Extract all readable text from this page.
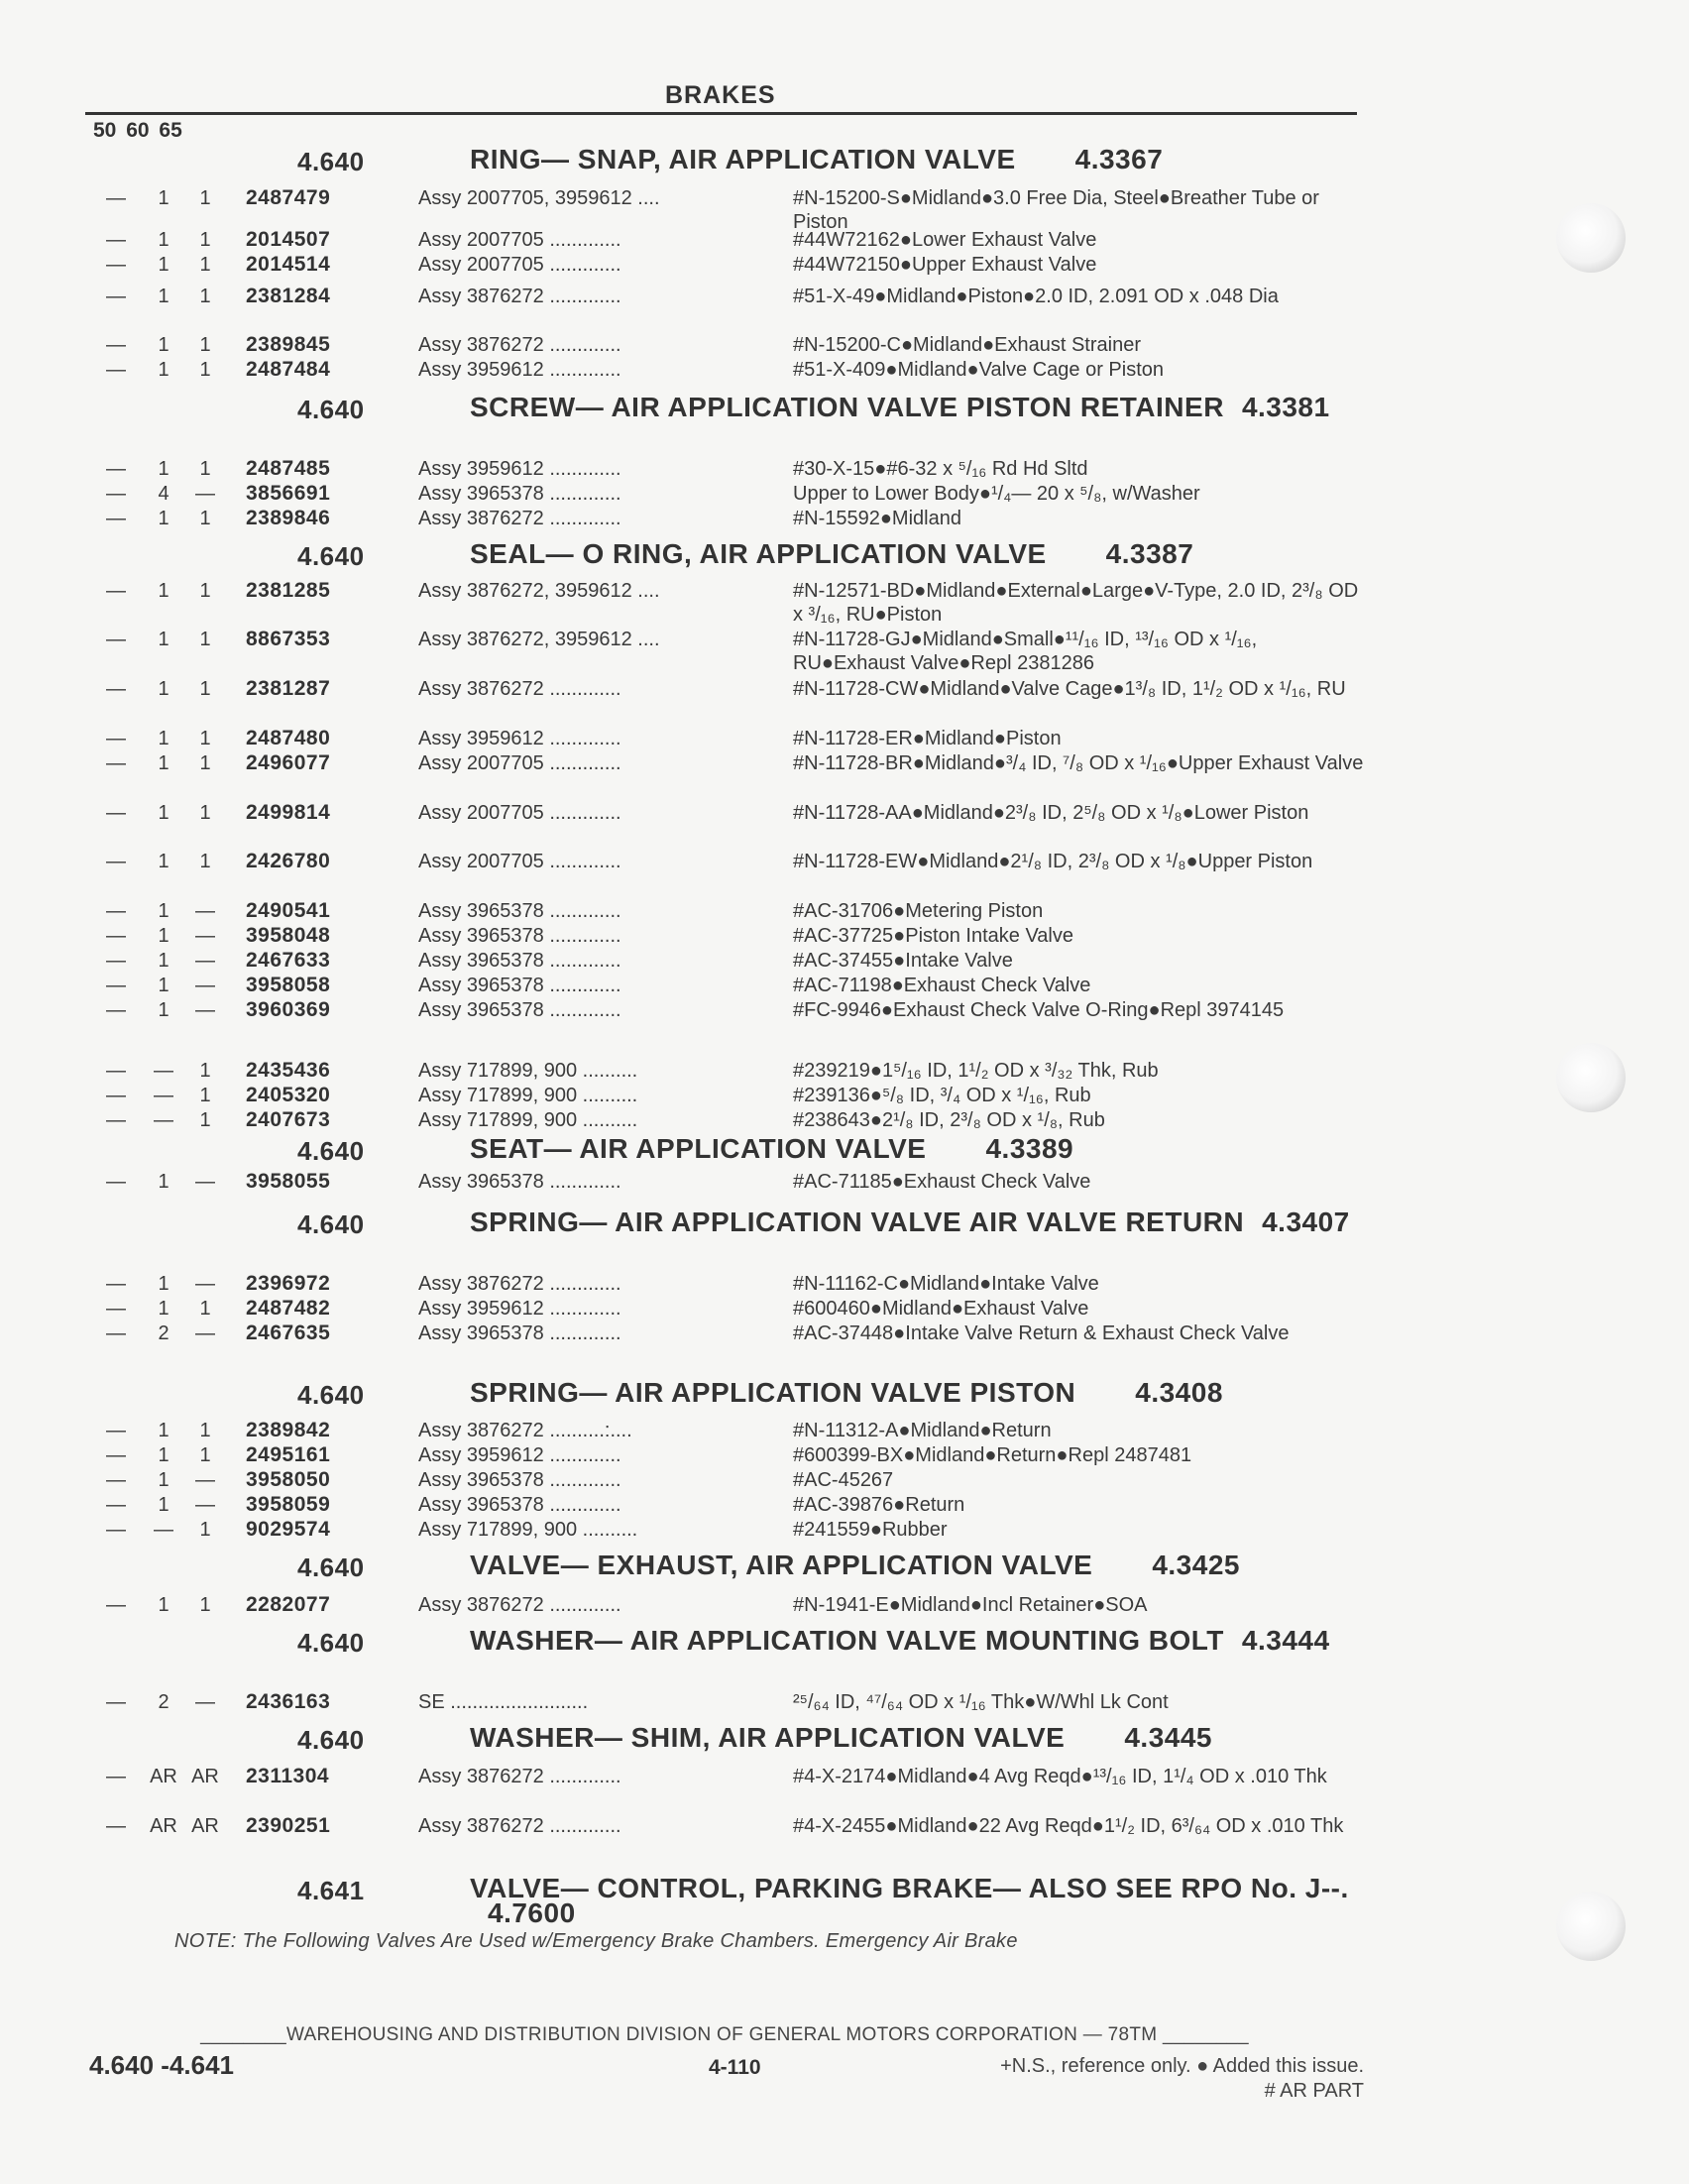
BRAKES
50 60 65
4.640	RING— SNAP, AIR APPLICATION VALVE 4.3367
—	1	1	2487479	Assy 2007705, 3959612 ....	#N-15200-S●Midland●3.0 Free Dia, Steel●Breather Tube or Piston
—	1	1	2014507	Assy 2007705 .............	#44W72162●Lower Exhaust Valve
—	1	1	2014514	Assy 2007705 .............	#44W72150●Upper Exhaust Valve
—	1	1	2381284	Assy 3876272 .............	#51-X-49●Midland●Piston●2.0 ID, 2.091 OD x .048 Dia
—	1	1	2389845	Assy 3876272 .............	#N-15200-C●Midland●Exhaust Strainer
—	1	1	2487484	Assy 3959612 .............	#51-X-409●Midland●Valve Cage or Piston
4.640	SCREW— AIR APPLICATION VALVE PISTON RETAINER 4.3381
—	1	1	2487485	Assy 3959612 .............	#30-X-15●#6-32 x ⁵/₁₆ Rd Hd Sltd
—	4	—	3856691	Assy 3965378 .............	Upper to Lower Body●¹/₄— 20 x ⁵/₈, w/Washer
—	1	1	2389846	Assy 3876272 .............	#N-15592●Midland
4.640	SEAL— O RING, AIR APPLICATION VALVE 4.3387
—	1	1	2381285	Assy 3876272, 3959612 ....	#N-12571-BD●Midland●External●Large●V-Type, 2.0 ID, 2³/₈ OD x ³/₁₆, RU●Piston
—	1	1	8867353	Assy 3876272, 3959612 ....	#N-11728-GJ●Midland●Small●¹¹/₁₆ ID, ¹³/₁₆ OD x ¹/₁₆, RU●Exhaust Valve●Repl 2381286
—	1	1	2381287	Assy 3876272 .............	#N-11728-CW●Midland●Valve Cage●1³/₈ ID, 1¹/₂ OD x ¹/₁₆, RU
—	1	1	2487480	Assy 3959612 .............	#N-11728-ER●Midland●Piston
—	1	1	2496077	Assy 2007705 .............	#N-11728-BR●Midland●³/₄ ID, ⁷/₈ OD x ¹/₁₆●Upper Exhaust Valve
—	1	1	2499814	Assy 2007705 .............	#N-11728-AA●Midland●2³/₈ ID, 2⁵/₈ OD x ¹/₈●Lower Piston
—	1	1	2426780	Assy 2007705 .............	#N-11728-EW●Midland●2¹/₈ ID, 2³/₈ OD x ¹/₈●Upper Piston
—	1	—	2490541	Assy 3965378 .............	#AC-31706●Metering Piston
—	1	—	3958048	Assy 3965378 .............	#AC-37725●Piston Intake Valve
—	1	—	2467633	Assy 3965378 .............	#AC-37455●Intake Valve
—	1	—	3958058	Assy 3965378 .............	#AC-71198●Exhaust Check Valve
—	1	—	3960369	Assy 3965378 .............	#FC-9946●Exhaust Check Valve O-Ring●Repl 3974145
—	—	1	2435436	Assy 717899, 900 ..........	#239219●1⁵/₁₆ ID, 1¹/₂ OD x ³/₃₂ Thk, Rub
—	—	1	2405320	Assy 717899, 900 ..........	#239136●⁵/₈ ID, ³/₄ OD x ¹/₁₆, Rub
—	—	1	2407673	Assy 717899, 900 ..........	#238643●2¹/₈ ID, 2³/₈ OD x ¹/₈, Rub
4.640	SEAT— AIR APPLICATION VALVE 4.3389
—	1	—	3958055	Assy 3965378 .............	#AC-71185●Exhaust Check Valve
4.640	SPRING— AIR APPLICATION VALVE AIR VALVE RETURN 4.3407
—	1	—	2396972	Assy 3876272 .............	#N-11162-C●Midland●Intake Valve
—	1	1	2487482	Assy 3959612 .............	#600460●Midland●Exhaust Valve
—	2	—	2467635	Assy 3965378 .............	#AC-37448●Intake Valve Return & Exhaust Check Valve
4.640	SPRING— AIR APPLICATION VALVE PISTON 4.3408
—	1	1	2389842	Assy 3876272 ..........:....	#N-11312-A●Midland●Return
—	1	1	2495161	Assy 3959612 .............	#600399-BX●Midland●Return●Repl 2487481
—	1	—	3958050	Assy 3965378 .............	#AC-45267
—	1	—	3958059	Assy 3965378 .............	#AC-39876●Return
—	—	1	9029574	Assy 717899, 900 ..........	#241559●Rubber
4.640	VALVE— EXHAUST, AIR APPLICATION VALVE 4.3425
—	1	1	2282077	Assy 3876272 .............	#N-1941-E●Midland●Incl Retainer●SOA
4.640	WASHER— AIR APPLICATION VALVE MOUNTING BOLT 4.3444
—	2	—	2436163	SE .........................	²⁵/₆₄ ID, ⁴⁷/₆₄ OD x ¹/₁₆ Thk●W/Whl Lk Cont
4.640	WASHER— SHIM, AIR APPLICATION VALVE 4.3445
—	AR AR 2311304	Assy 3876272 .............	#4-X-2174●Midland●4 Avg Reqd●¹³/₁₆ ID, 1¹/₄ OD x .010 Thk
—	AR AR 2390251	Assy 3876272 .............	#4-X-2455●Midland●22 Avg Reqd●1¹/₂ ID, 6³/₆₄ OD x .010 Thk
4.641	VALVE— CONTROL, PARKING BRAKE— ALSO SEE RPO No. J--.4.7600
NOTE: The Following Valves Are Used w/Emergency Brake Chambers. Emergency Air Brake
________WAREHOUSING AND DISTRIBUTION DIVISION OF GENERAL MOTORS CORPORATION — 78TM ________
4.640 -4.641	4-110	+N.S., reference only. ● Added this issue.
# AR PART
